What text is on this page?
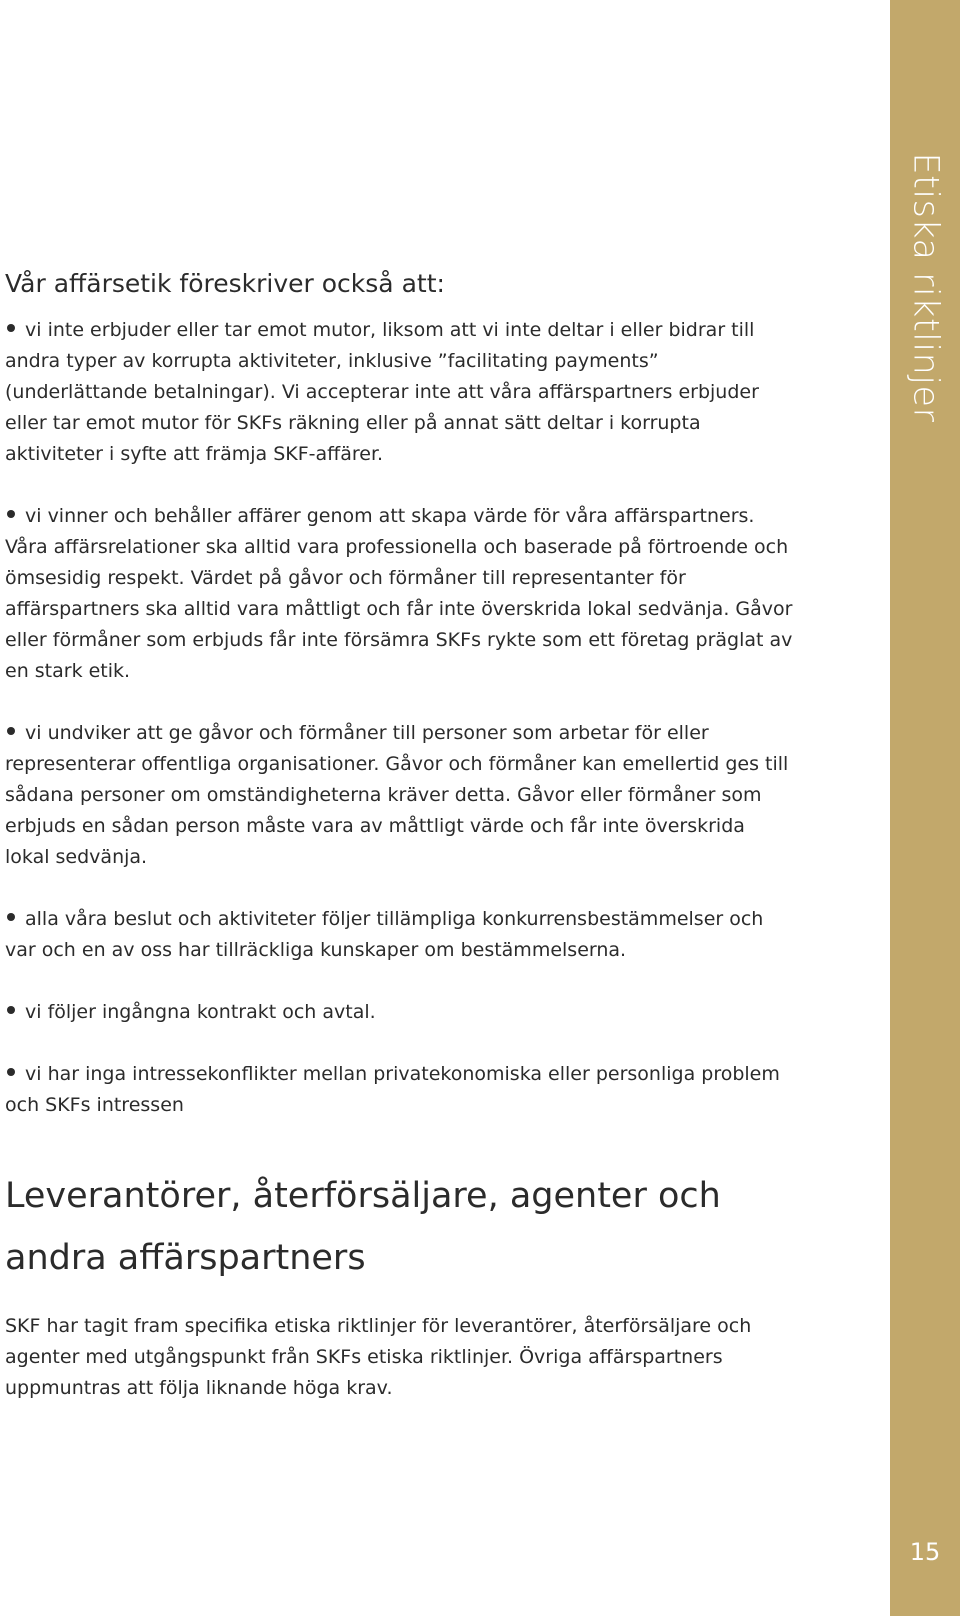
Etiska riktlinjer
15
Vår affärsetik föreskriver också att:
vi inte erbjuder eller tar emot mutor, liksom att vi inte deltar i eller bidrar till andra typer av korrupta aktiviteter, inklusive ”facilitating payments” (underlättande betalningar). Vi accepterar inte att våra affärspartners erbjuder eller tar emot mutor för SKFs räkning eller på annat sätt deltar i korrupta aktiviteter i syfte att främja SKF-affärer.
vi vinner och behåller affärer genom att skapa värde för våra affärspartners. Våra affärsrelationer ska alltid vara professionella och baserade på förtroende och ömsesidig respekt. Värdet på gåvor och förmåner till representanter för affärspartners ska alltid vara måttligt och får inte överskrida lokal sedvänja. Gåvor eller förmåner som erbjuds får inte försämra SKFs rykte som ett företag präglat av en stark etik.
vi undviker att ge gåvor och förmåner till personer som arbetar för eller representerar offentliga organisationer. Gåvor och förmåner kan emellertid ges till sådana personer om omständigheterna kräver detta. Gåvor eller förmåner som erbjuds en sådan person måste vara av måttligt värde och får inte överskrida lokal sedvänja.
alla våra beslut och aktiviteter följer tillämpliga konkurrensbestämmelser och var och en av oss har tillräckliga kunskaper om bestämmelserna.
vi följer ingångna kontrakt och avtal.
vi har inga intressekonflikter mellan privatekonomiska eller personliga problem och SKFs intressen
Leverantörer, återförsäljare, agenter och
andra affärspartners

SKF har tagit fram specifika etiska riktlinjer för leverantörer, återförsäljare och agenter med utgångspunkt från SKFs etiska riktlinjer. Övriga affärspartners uppmuntras att följa liknande höga krav.
